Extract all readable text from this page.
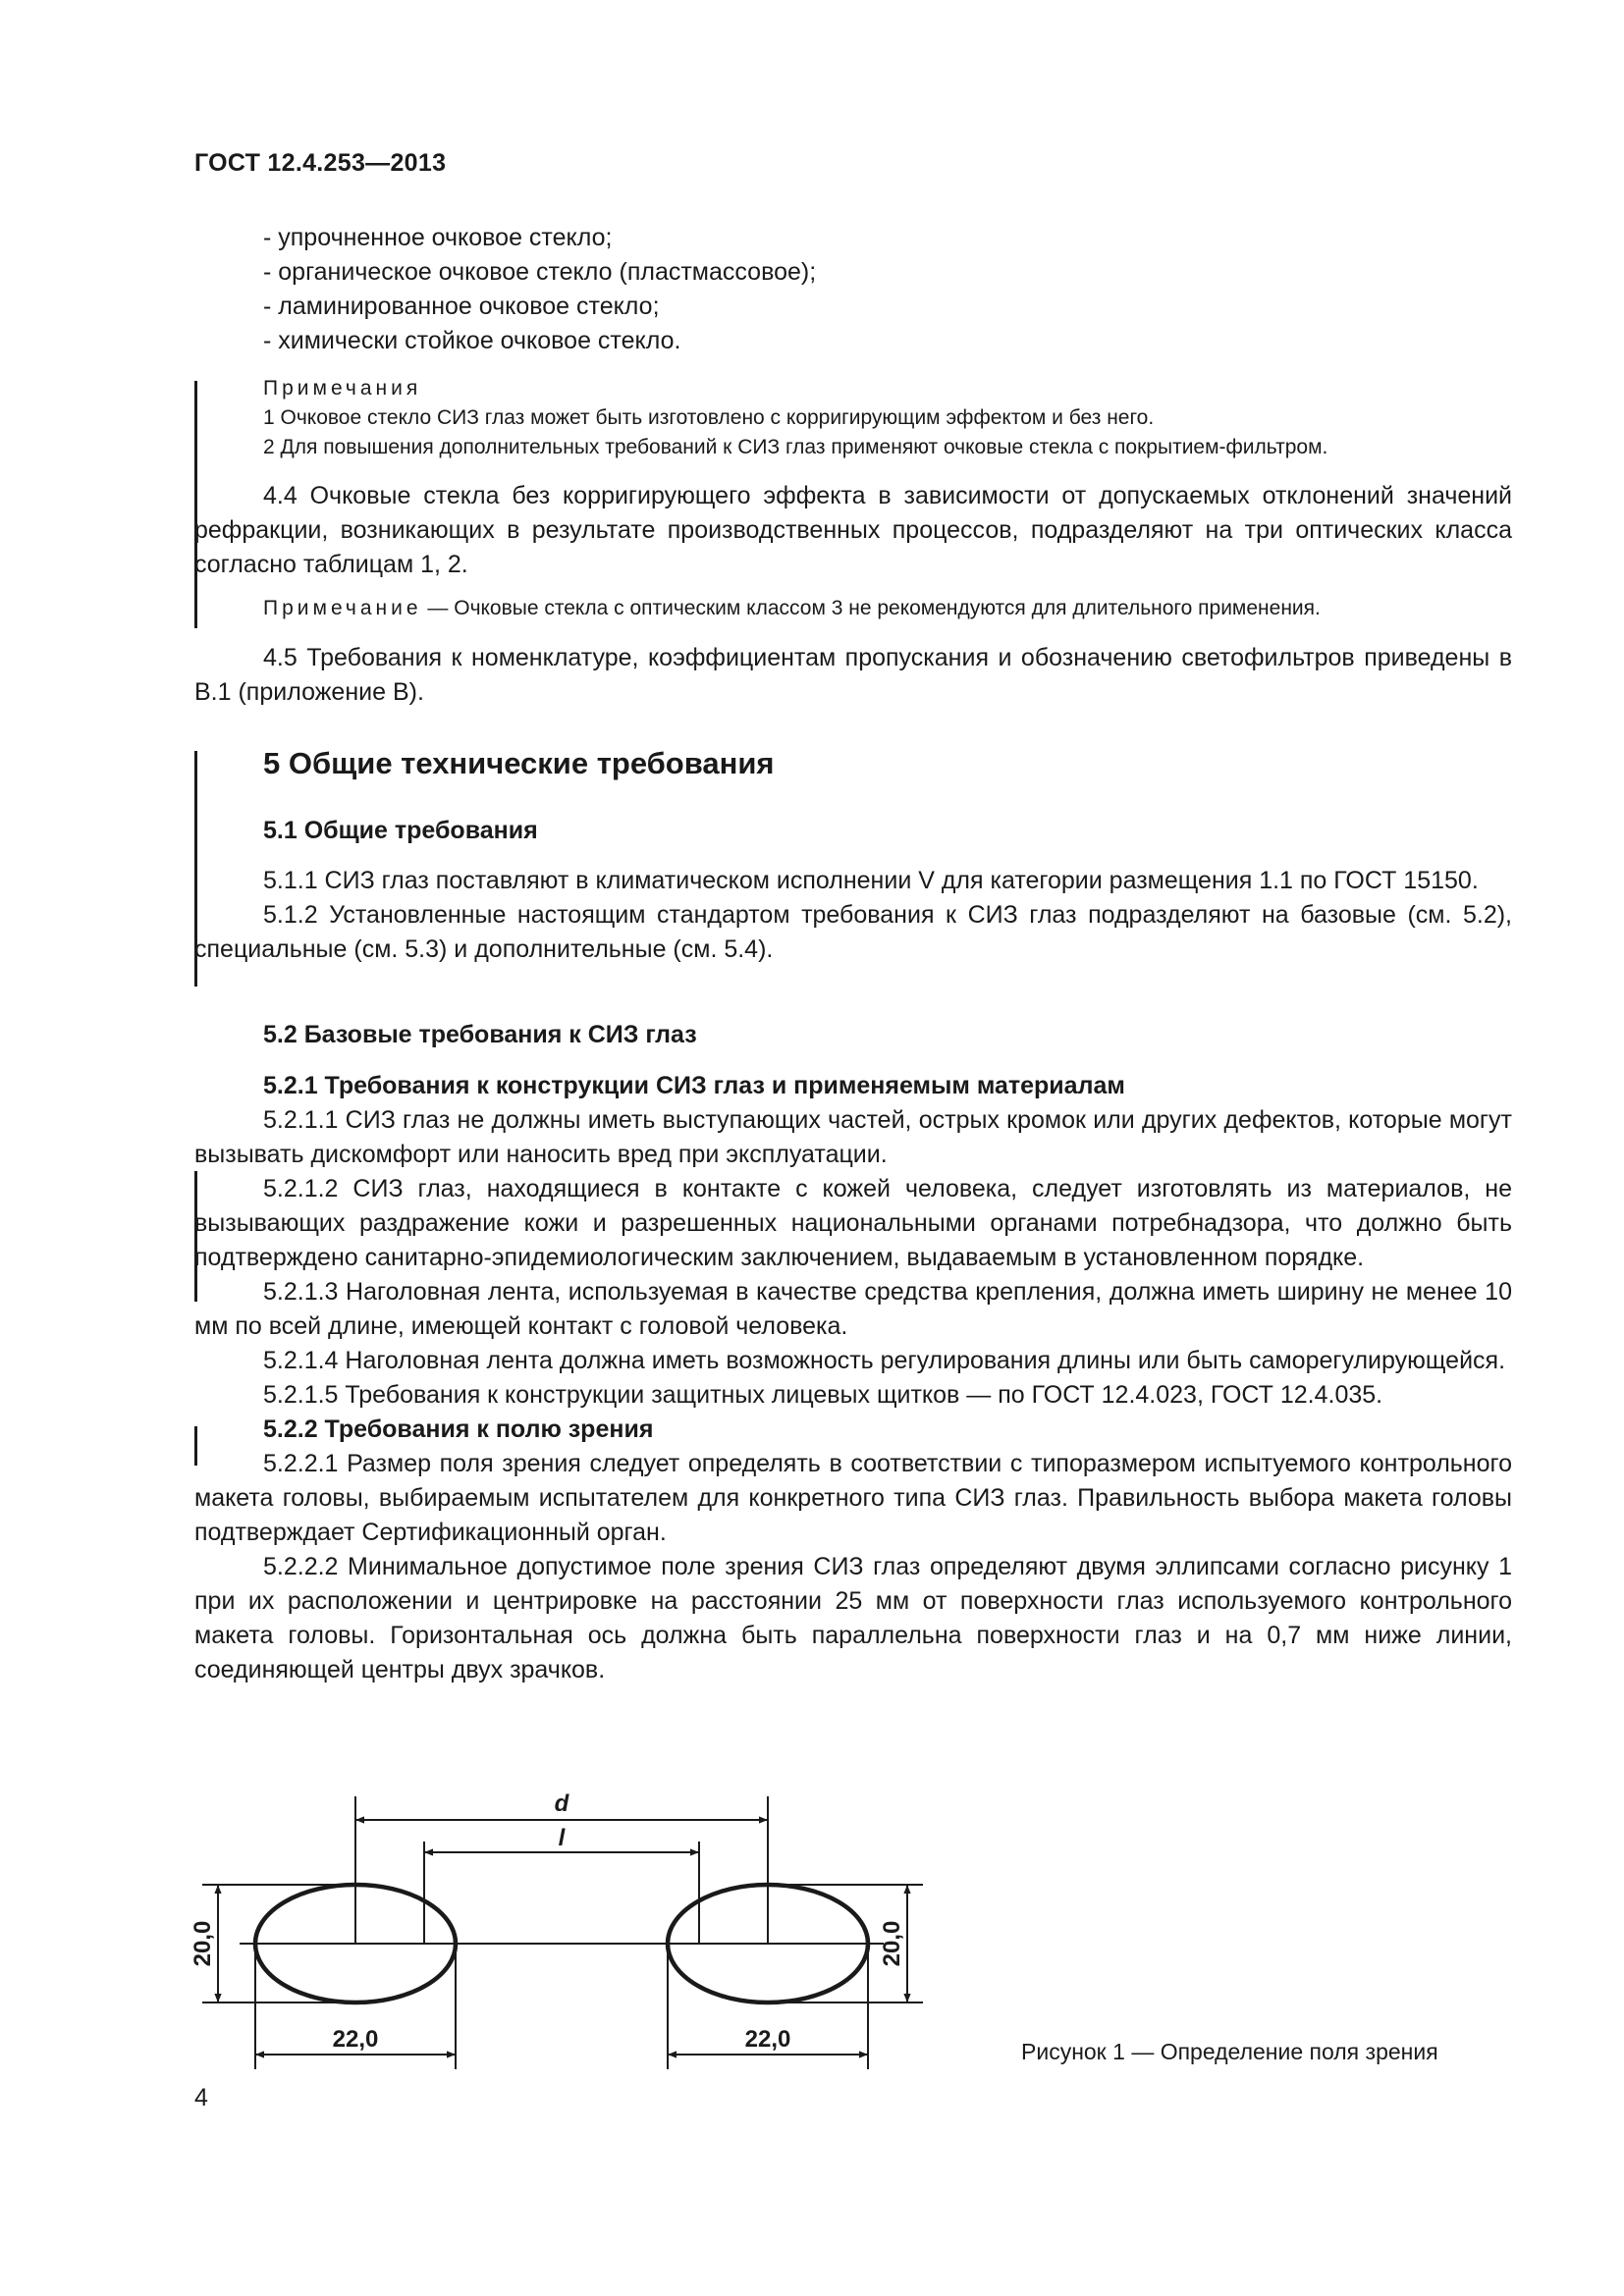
ГОСТ 12.4.253—2013
- упрочненное очковое стекло;
- органическое очковое стекло (пластмассовое);
- ламинированное очковое стекло;
- химически стойкое очковое стекло.
Примечания
1 Очковое стекло СИЗ глаз может быть изготовлено с корригирующим эффектом и без него.
2 Для повышения дополнительных требований к СИЗ глаз применяют очковые стекла с покрытием-фильтром.
4.4 Очковые стекла без корригирующего эффекта в зависимости от допускаемых отклонений значений рефракции, возникающих в результате производственных процессов, подразделяют на три оптических класса согласно таблицам 1, 2.
Примечание — Очковые стекла с оптическим классом 3 не рекомендуются для длительного применения.
4.5 Требования к номенклатуре, коэффициентам пропускания и обозначению светофильтров приведены в В.1 (приложение В).
5 Общие технические требования
5.1 Общие требования
5.1.1 СИЗ глаз поставляют в климатическом исполнении V для категории размещения 1.1 по ГОСТ 15150.
5.1.2 Установленные настоящим стандартом требования к СИЗ глаз подразделяют на базовые (см. 5.2), специальные (см. 5.3) и дополнительные (см. 5.4).
5.2 Базовые требования к СИЗ глаз
5.2.1 Требования к конструкции СИЗ глаз и применяемым материалам
5.2.1.1 СИЗ глаз не должны иметь выступающих частей, острых кромок или других дефектов, которые могут вызывать дискомфорт или наносить вред при эксплуатации.
5.2.1.2 СИЗ глаз, находящиеся в контакте с кожей человека, следует изготовлять из материалов, не вызывающих раздражение кожи и разрешенных национальными органами потребнадзора, что должно быть подтверждено санитарно-эпидемиологическим заключением, выдаваемым в установленном порядке.
5.2.1.3 Наголовная лента, используемая в качестве средства крепления, должна иметь ширину не менее 10 мм по всей длине, имеющей контакт с головой человека.
5.2.1.4 Наголовная лента должна иметь возможность регулирования длины или быть саморегулирующейся.
5.2.1.5 Требования к конструкции защитных лицевых щитков — по ГОСТ 12.4.023, ГОСТ 12.4.035.
5.2.2 Требования к полю зрения
5.2.2.1 Размер поля зрения следует определять в соответствии с типоразмером испытуемого контрольного макета головы, выбираемым испытателем для конкретного типа СИЗ глаз. Правильность выбора макета головы подтверждает Сертификационный орган.
5.2.2.2 Минимальное допустимое поле зрения СИЗ глаз определяют двумя эллипсами согласно рисунку 1 при их расположении и центрировке на расстоянии 25 мм от поверхности глаз используемого контрольного макета головы. Горизонтальная ось должна быть параллельна поверхности глаз и на 0,7 мм ниже линии, соединяющей центры двух зрачков.
d
l
20,0	20,0
22,0	22,0	Рисунок 1 — Определение поля зрения
4
